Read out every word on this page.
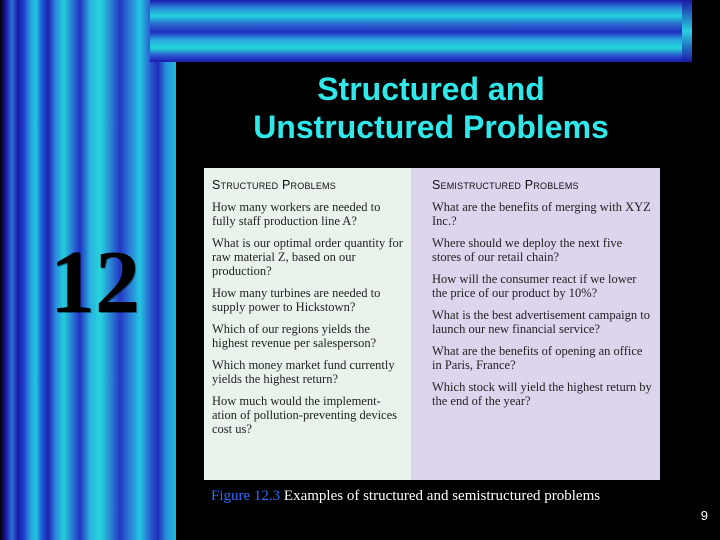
Structured and
Unstructured Problems
12
Structured Problems
How many workers are needed to fully staff production line A?
What is our optimal order quantity for raw material Z, based on our production?
How many turbines are needed to supply power to Hickstown?
Which of our regions yields the highest revenue per salesperson?
Which money market fund currently yields the highest return?
How much would the implement-ation of pollution-preventing devices cost us?
Semistructured Problems
What are the benefits of merging with XYZ Inc.?
Where should we deploy the next five stores of our retail chain?
How will the consumer react if we lower the price of our product by 10%?
What is the best advertisement campaign to launch our new financial service?
What are the benefits of opening an office in Paris, France?
Which stock will yield the highest return by the end of the year?
Figure 12.3 Examples of structured and semistructured problems
9
